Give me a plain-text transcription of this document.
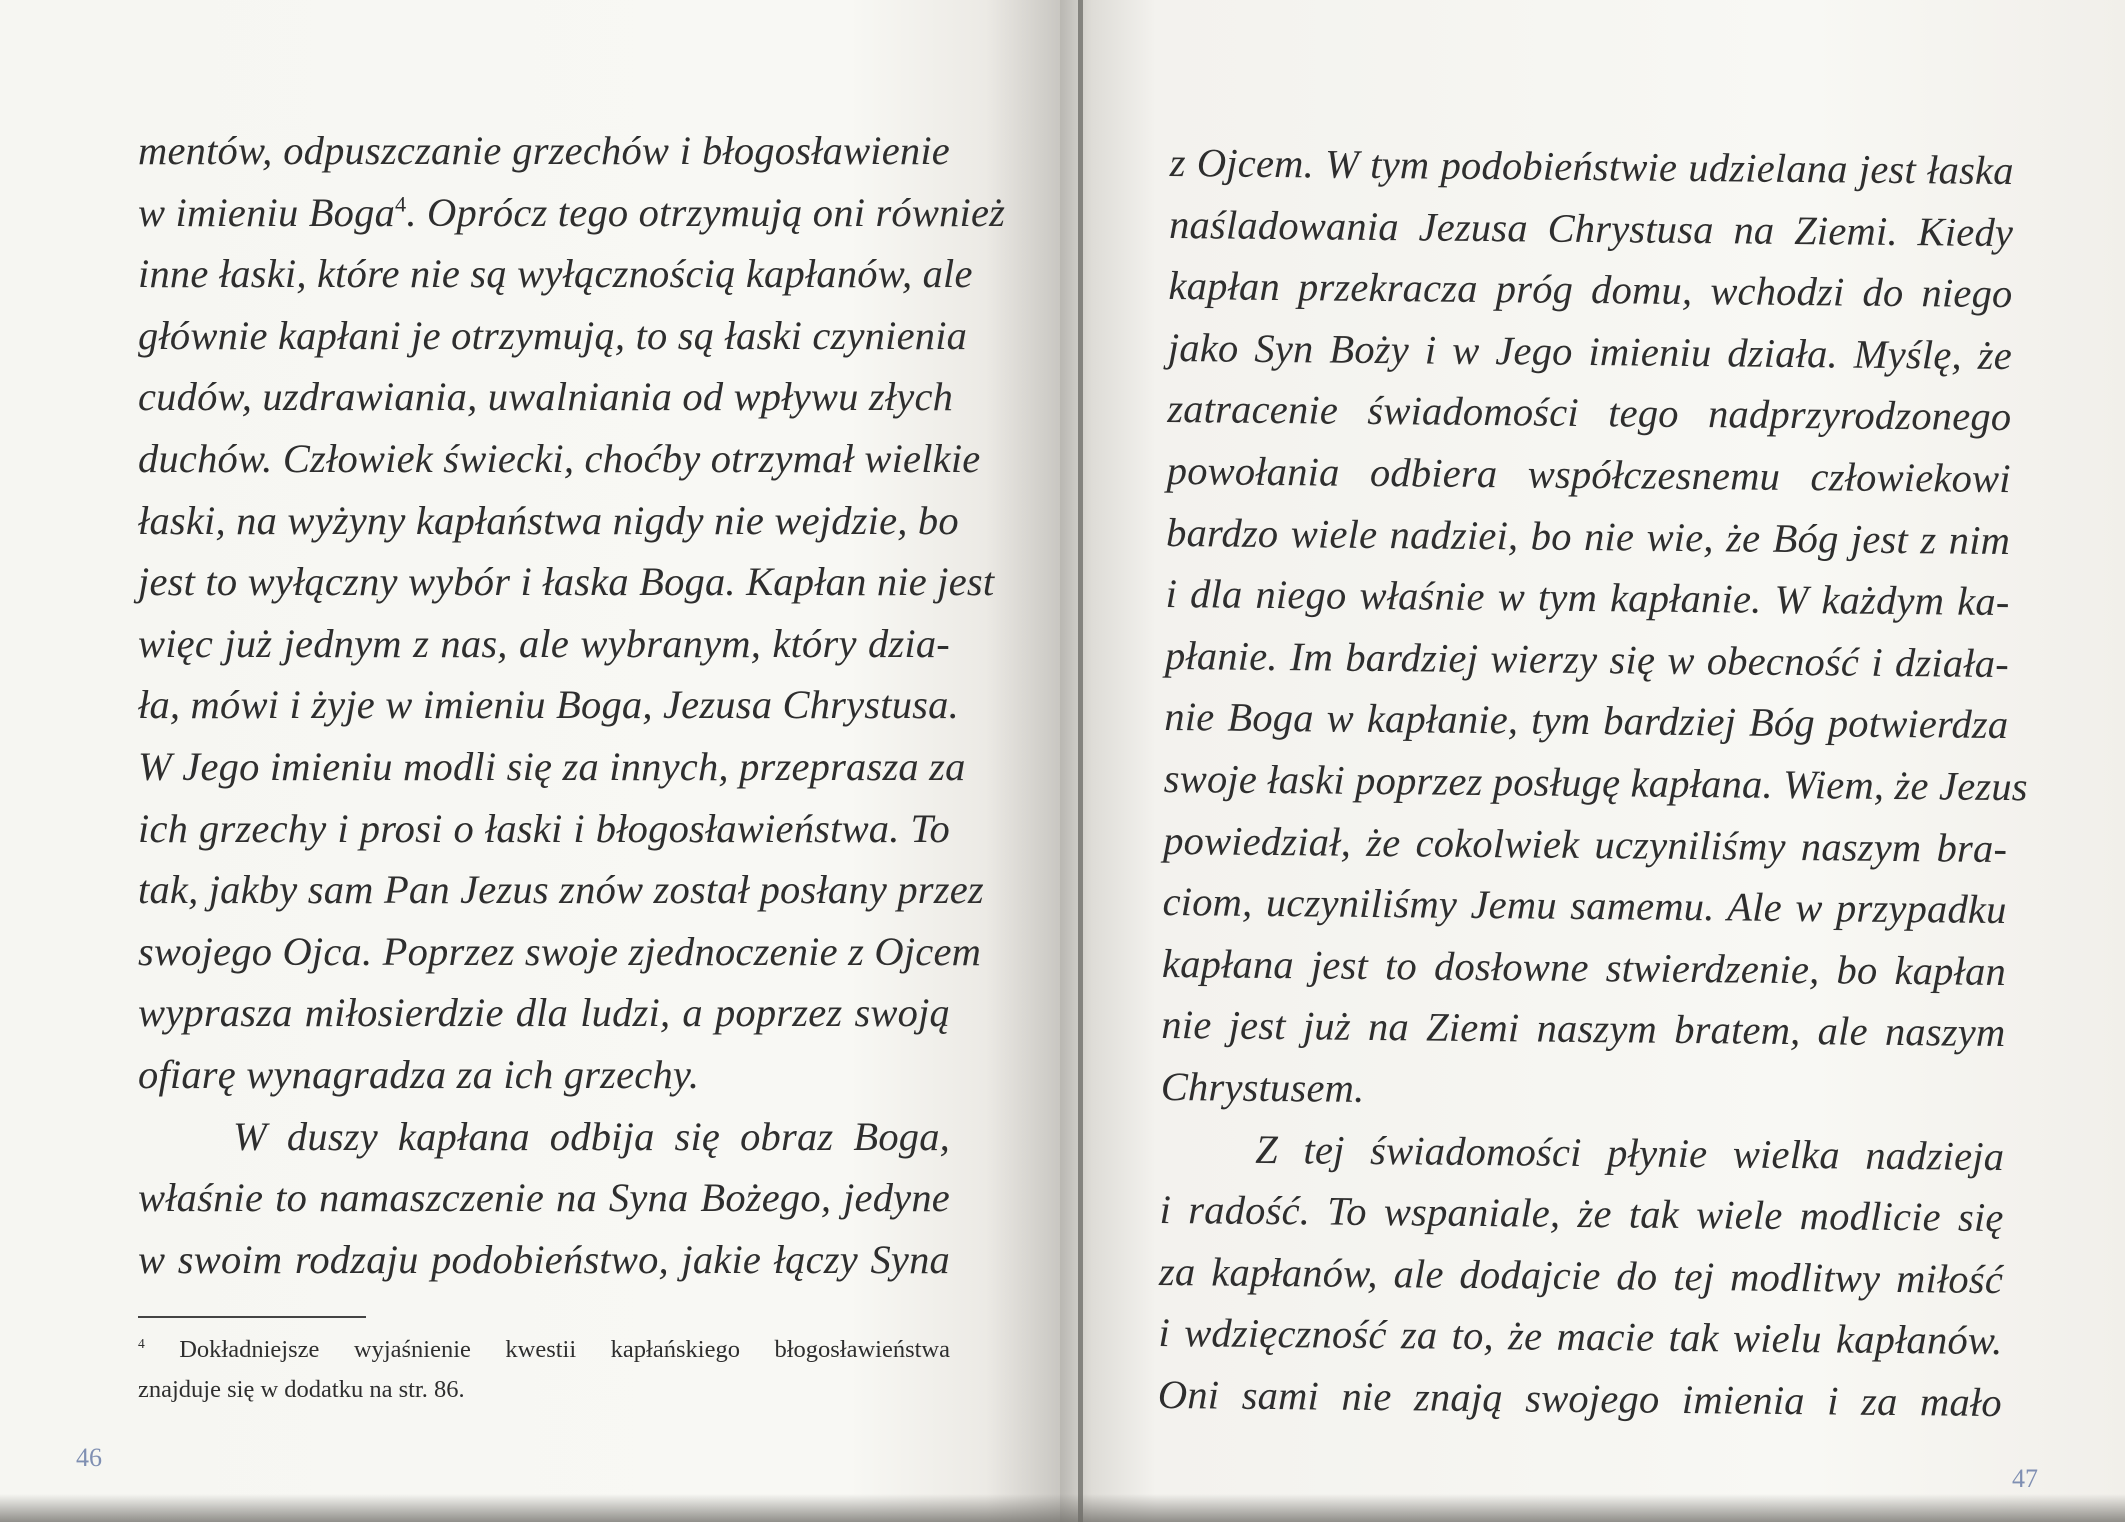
mentów, odpuszczanie grzechów i błogosławienie
w imieniu Boga$^4$. Oprócz tego otrzymują oni również
inne łaski, które nie są wyłącznością kapłanów, ale
głównie kapłani je otrzymują, to są łaski czynienia
cudów, uzdrawiania, uwalniania od wpływu złych
duchów. Człowiek świecki, choćby otrzymał wielkie
łaski, na wyżyny kapłaństwa nigdy nie wejdzie, bo
jest to wyłączny wybór i łaska Boga. Kapłan nie jest
więc już jednym z nas, ale wybranym, który dzia-
ła, mówi i żyje w imieniu Boga, Jezusa Chrystusa.
W Jego imieniu modli się za innych, przeprasza za
ich grzechy i prosi o łaski i błogosławieństwa. To
tak, jakby sam Pan Jezus znów został posłany przez
swojego Ojca. Poprzez swoje zjednoczenie z Ojcem
wyprasza miłosierdzie dla ludzi, a poprzez swoją
ofiarę wynagradza za ich grzechy.
W duszy kapłana odbija się obraz Boga,
właśnie to namaszczenie na Syna Bożego, jedyne
w swoim rodzaju podobieństwo, jakie łączy Syna
$^4$ Dokładniejsze wyjaśnienie kwestii kapłańskiego błogosławieństwa
znajduje się w dodatku na str. 86.
46
z Ojcem. W tym podobieństwie udzielana jest łaska
naśladowania Jezusa Chrystusa na Ziemi. Kiedy
kapłan przekracza próg domu, wchodzi do niego
jako Syn Boży i w Jego imieniu działa. Myślę, że
zatracenie świadomości tego nadprzyrodzonego
powołania odbiera współczesnemu człowiekowi
bardzo wiele nadziei, bo nie wie, że Bóg jest z nim
i dla niego właśnie w tym kapłanie. W każdym ka-
płanie. Im bardziej wierzy się w obecność i działa-
nie Boga w kapłanie, tym bardziej Bóg potwierdza
swoje łaski poprzez posługę kapłana. Wiem, że Jezus
powiedział, że cokolwiek uczyniliśmy naszym bra-
ciom, uczyniliśmy Jemu samemu. Ale w przypadku
kapłana jest to dosłowne stwierdzenie, bo kapłan
nie jest już na Ziemi naszym bratem, ale naszym
Chrystusem.
Z tej świadomości płynie wielka nadzieja
i radość. To wspaniale, że tak wiele modlicie się
za kapłanów, ale dodajcie do tej modlitwy miłość
i wdzięczność za to, że macie tak wielu kapłanów.
Oni sami nie znają swojego imienia i za mało
47
